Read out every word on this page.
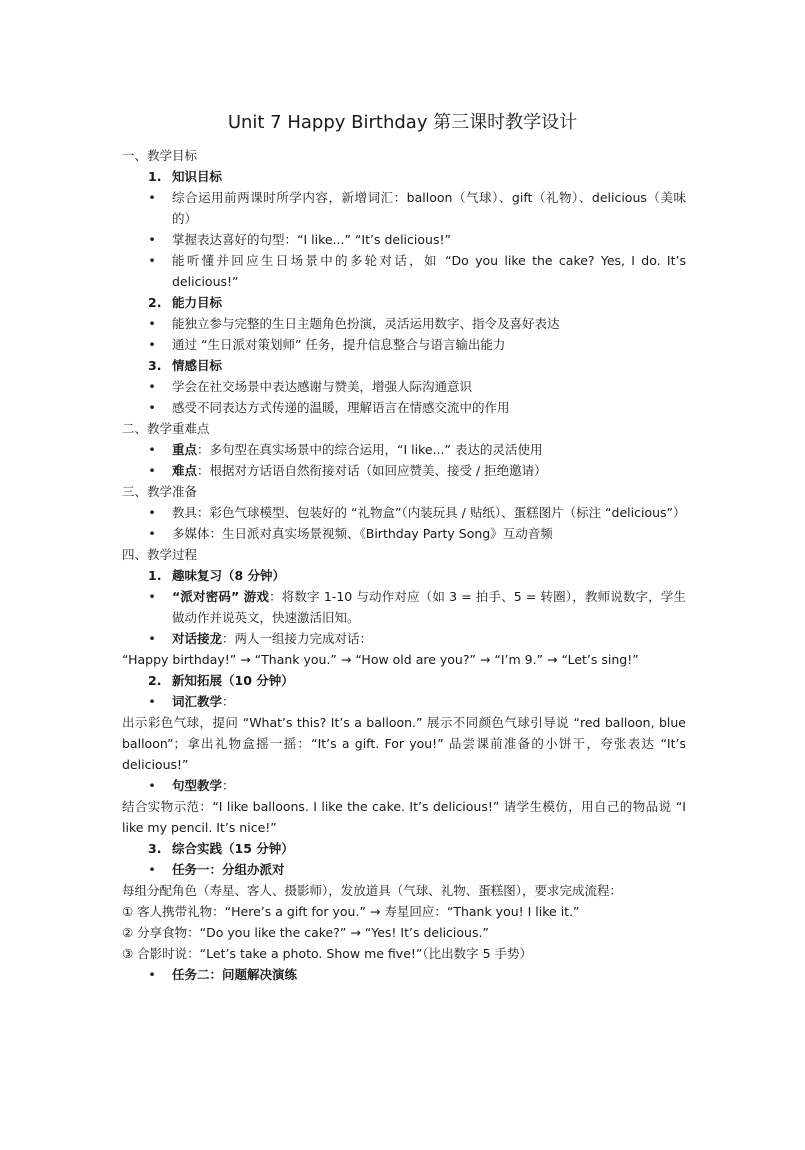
Unit 7 Happy Birthday 第三课时教学设计

一、教学目标

1. 知识目标

• 综合运用前两课时所学内容，新增词汇：balloon（气球）、gift（礼物）、delicious（美味的）

• 掌握表达喜好的句型：“I like...” “It’s delicious!”

• 能听懂并回应生日场景中的多轮对话，如 “Do you like the cake? Yes, I do. It’s delicious!”

2. 能力目标

• 能独立参与完整的生日主题角色扮演，灵活运用数字、指令及喜好表达

• 通过 “生日派对策划师” 任务，提升信息整合与语言输出能力

3. 情感目标

• 学会在社交场景中表达感谢与赞美，增强人际沟通意识

• 感受不同表达方式传递的温暖，理解语言在情感交流中的作用

二、教学重难点

• 重点：多句型在真实场景中的综合运用，“I like...” 表达的灵活使用

• 难点：根据对方话语自然衔接对话（如回应赞美、接受 / 拒绝邀请）

三、教学准备

• 教具：彩色气球模型、包装好的 “礼物盒”（内装玩具 / 贴纸）、蛋糕图片（标注 “delicious”）

• 多媒体：生日派对真实场景视频、《Birthday Party Song》互动音频

四、教学过程

1. 趣味复习（8 分钟）

• “派对密码” 游戏：将数字 1-10 与动作对应（如 3 = 拍手、5 = 转圈），教师说数字，学生做动作并说英文，快速激活旧知。

• 对话接龙：两人一组接力完成对话：

“Happy birthday!” → “Thank you.” → “How old are you?” → “I’m 9.” → “Let’s sing!”

2. 新知拓展（10 分钟）

• 词汇教学：

出示彩色气球，提问 “What’s this? It’s a balloon.” 展示不同颜色气球引导说 “red balloon, blue balloon”；拿出礼物盒摇一摇：“It’s a gift. For you!” 品尝课前准备的小饼干，夸张表达 “It’s delicious!”

• 句型教学：

结合实物示范：“I like balloons. I like the cake. It’s delicious!” 请学生模仿，用自己的物品说 “I like my pencil. It’s nice!”

3. 综合实践（15 分钟）

• 任务一：分组办派对

每组分配角色（寿星、客人、摄影师），发放道具（气球、礼物、蛋糕图），要求完成流程：

① 客人携带礼物：“Here’s a gift for you.” → 寿星回应：“Thank you! I like it.”

② 分享食物：“Do you like the cake?” → “Yes! It’s delicious.”

③ 合影时说：“Let’s take a photo. Show me five!”（比出数字 5 手势）

• 任务二：问题解决演练
